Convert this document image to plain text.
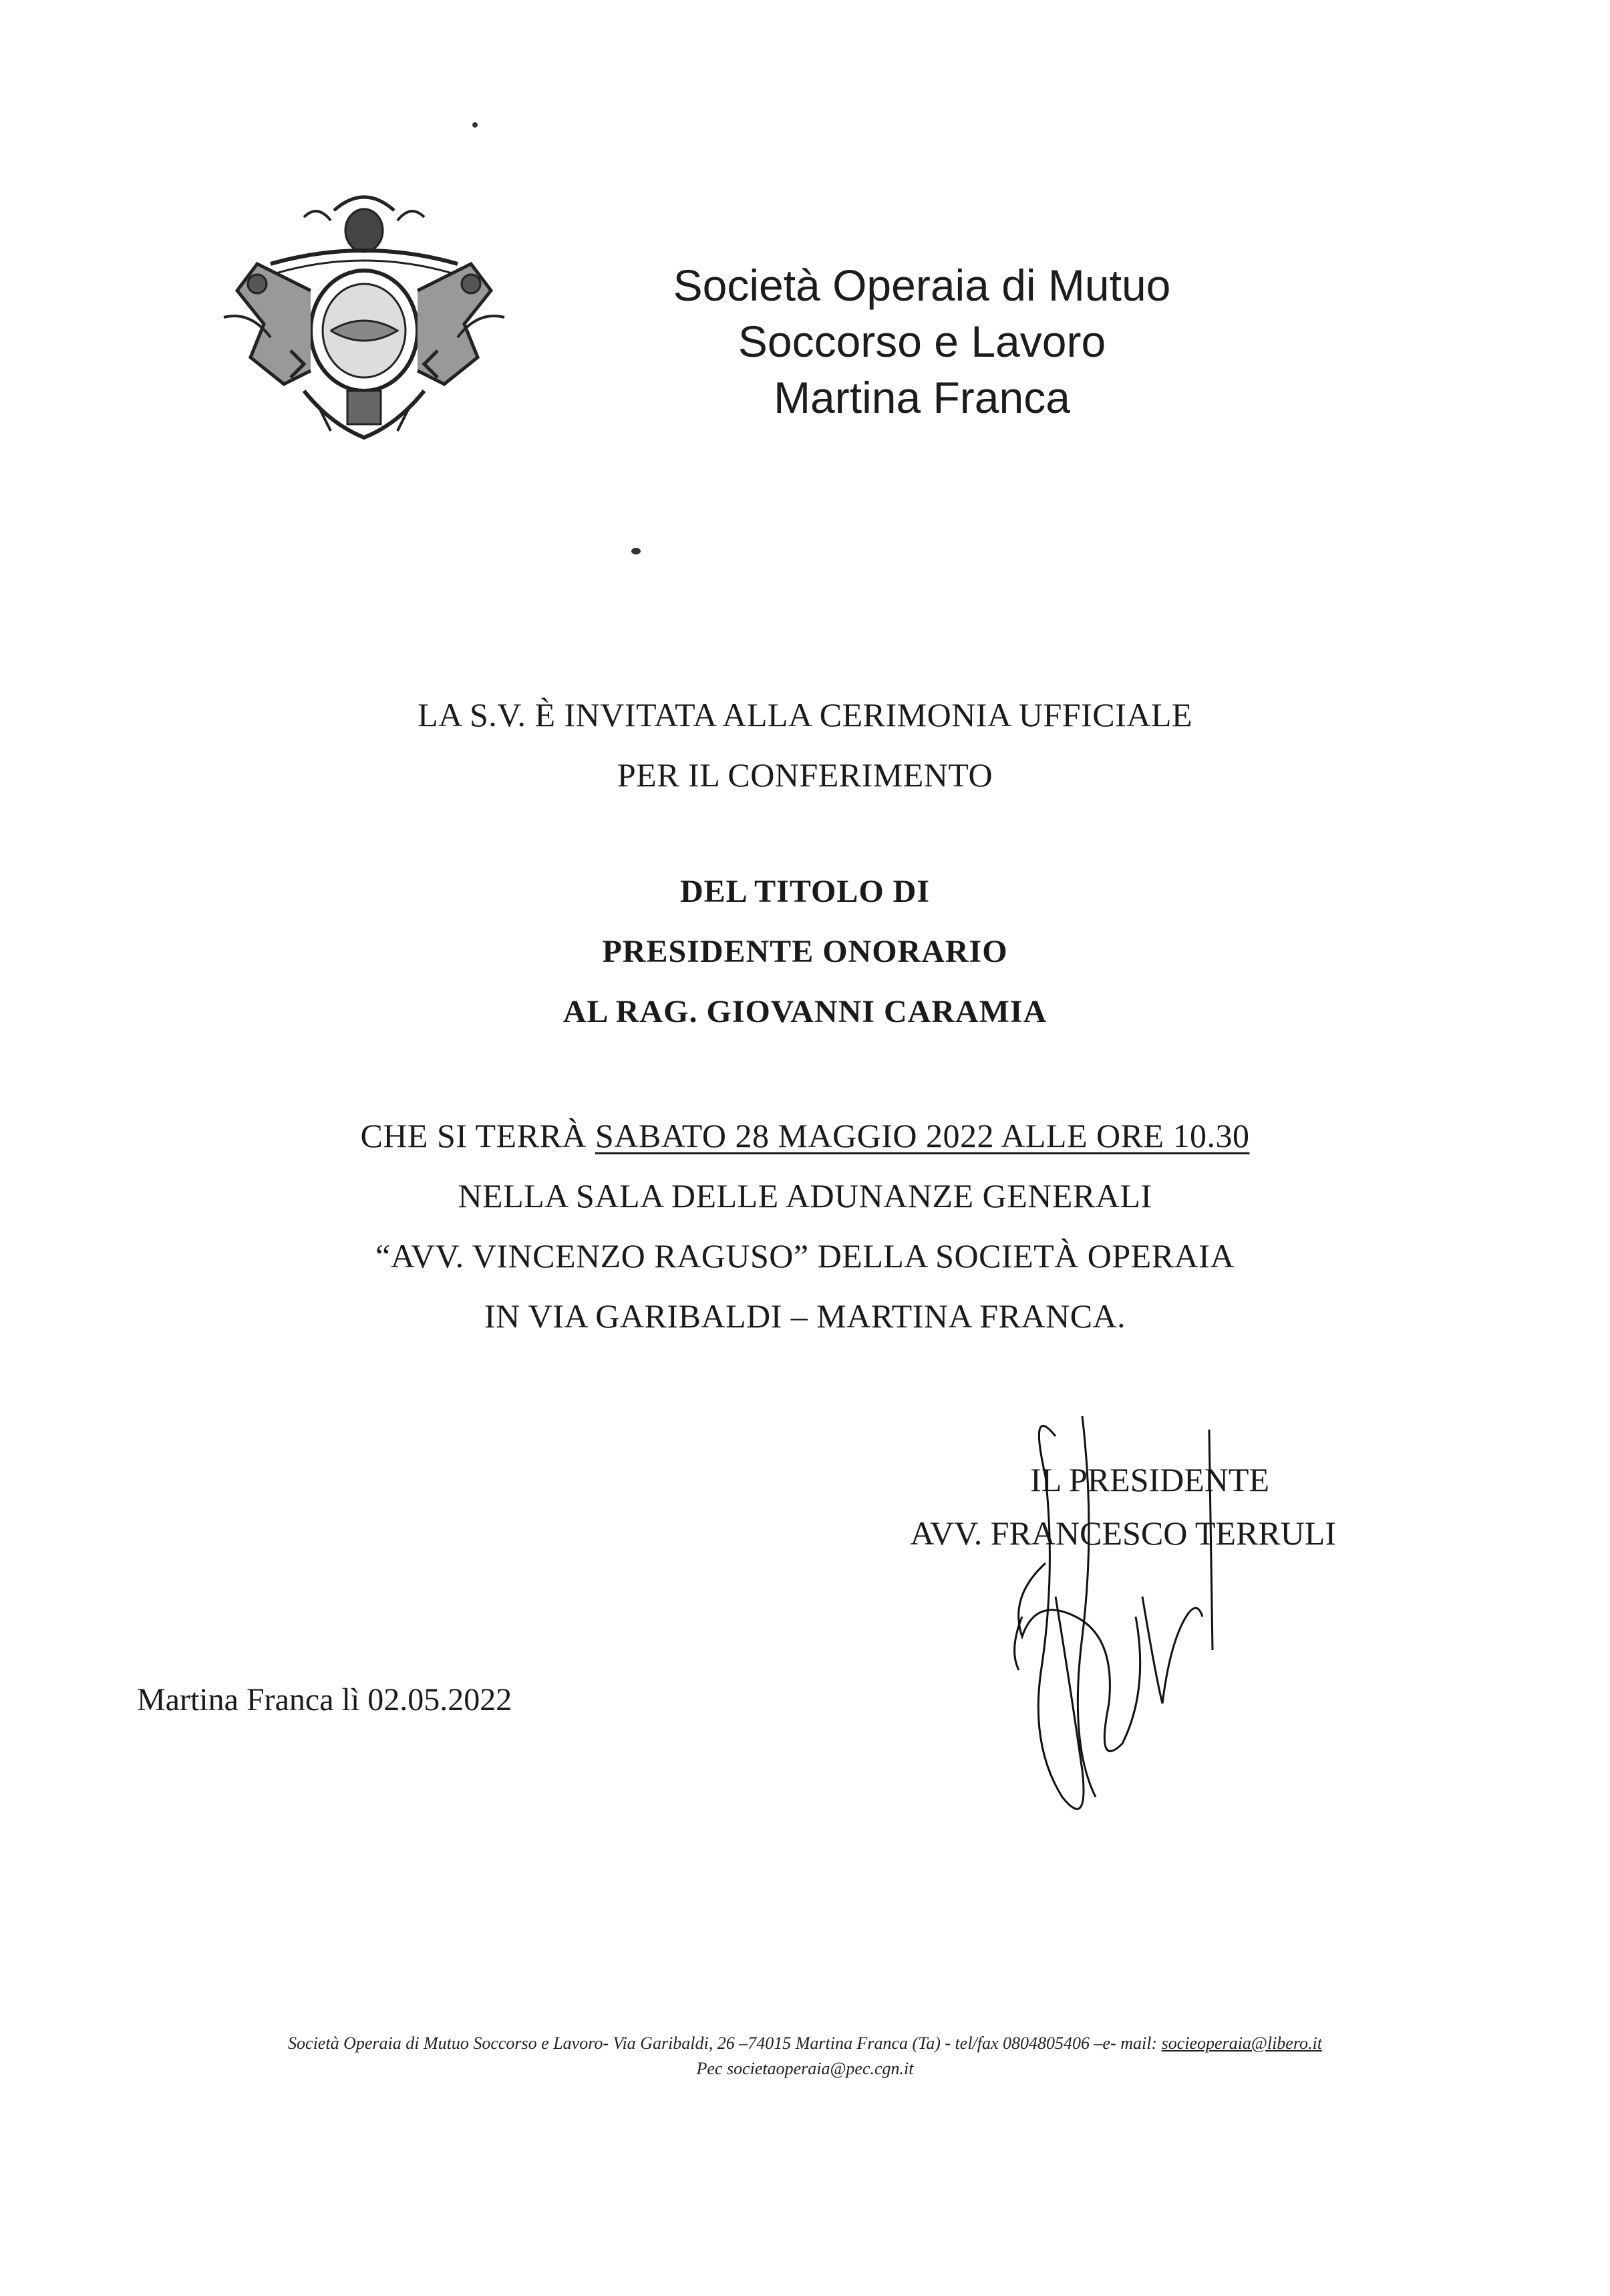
Società Operaia di Mutuo
Soccorso e Lavoro
Martina Franca
LA S.V. È INVITATA ALLA CERIMONIA UFFICIALE
PER IL CONFERIMENTO
DEL TITOLO DI
PRESIDENTE ONORARIO
AL RAG. GIOVANNI CARAMIA
CHE SI TERRÀ SABATO 28 MAGGIO 2022 ALLE ORE 10.30
NELLA SALA DELLE ADUNANZE GENERALI
“AVV. VINCENZO RAGUSO” DELLA SOCIETÀ OPERAIA
IN VIA GARIBALDI – MARTINA FRANCA.
IL PRESIDENTE
AVV. FRANCESCO TERRULI
Martina Franca lì 02.05.2022
Società Operaia di Mutuo Soccorso e Lavoro- Via Garibaldi, 26 –74015 Martina Franca (Ta) - tel/fax 0804805406 –e- mail: socieoperaia@libero.it
Pec societaoperaia@pec.cgn.it
